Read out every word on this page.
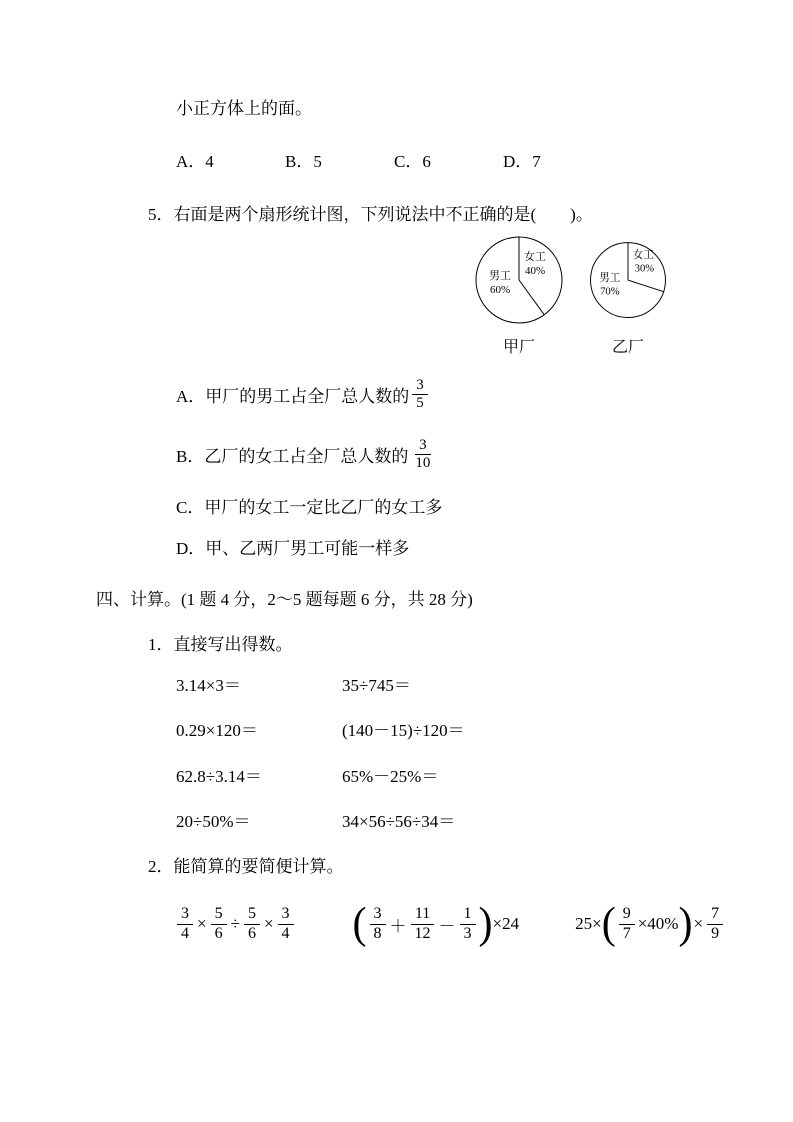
小正方体上的面。
A．4	B．5	C．6	D．7
5．右面是两个扇形统计图，下列说法中不正确的是(　　)。
男工
60%
女工
40%
甲厂
女工
30%
男工
70%
乙厂
A．甲厂的男工占全厂总人数的 $\frac{3}{5}$
B．乙厂的女工占全厂总人数的 $\frac{3}{10}$
C．甲厂的女工一定比乙厂的女工多
D．甲、乙两厂男工可能一样多
四、计算。(1 题 4 分，2～5 题每题 6 分，共 28 分)
1．直接写出得数。
3.14×3＝	35÷745＝
0.29×120＝	(140－15)÷120＝
62.8÷3.14＝	65%－25%＝
20÷50%＝	34×56÷56÷34＝
2．能简算的要简便计算。
$\frac{3}{4} \times \frac{5}{6} \div \frac{5}{6} \times \frac{3}{4}$ ( $\frac{3}{8} + \frac{11}{12} - \frac{1}{3}$ ) ×24	25× ( $\frac{9}{7} \times 40\%$ ) × $\frac{7}{9}$
